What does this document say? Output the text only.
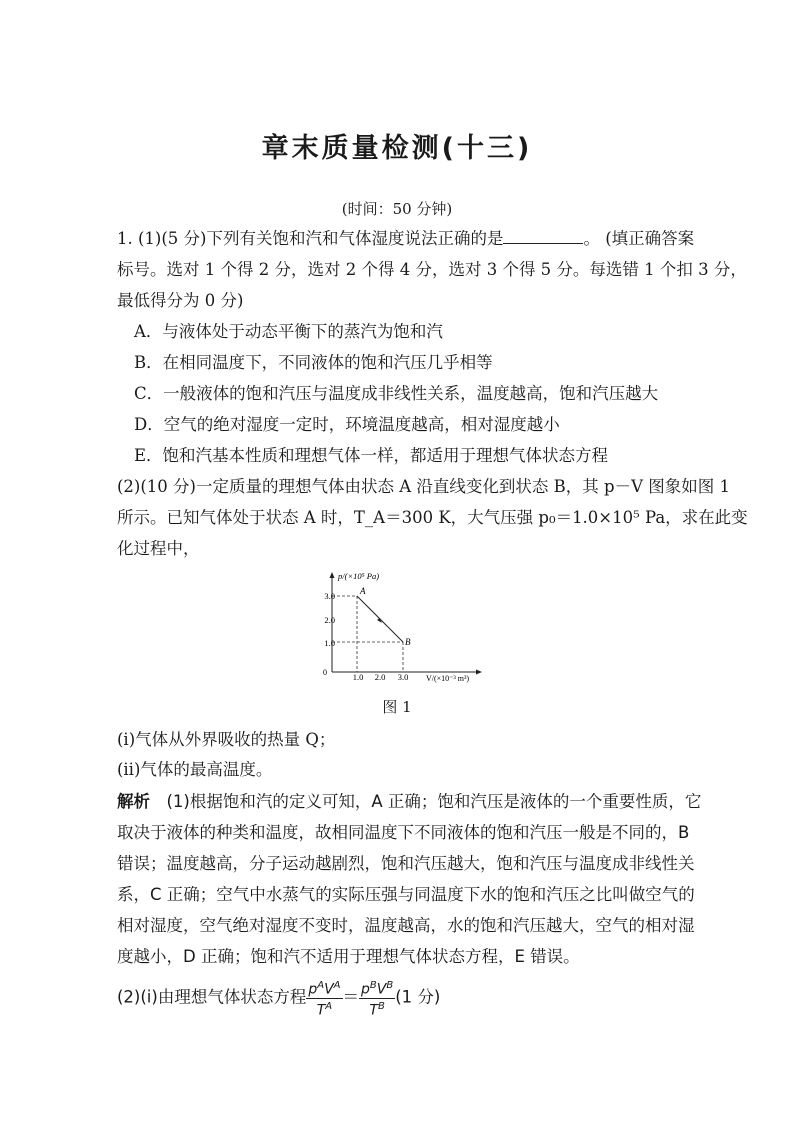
章末质量检测(十三)
(时间：50 分钟)
1. (1)(5 分)下列有关饱和汽和气体湿度说法正确的是	。 (填正确答案
标号。选对 1 个得 2 分，选对 2 个得 4 分，选对 3 个得 5 分。每选错 1 个扣 3 分，
最低得分为 0 分)
A．与液体处于动态平衡下的蒸汽为饱和汽
B．在相同温度下，不同液体的饱和汽压几乎相等
C．一般液体的饱和汽压与温度成非线性关系，温度越高，饱和汽压越大
D．空气的绝对湿度一定时，环境温度越高，相对湿度越小
E．饱和汽基本性质和理想气体一样，都适用于理想气体状态方程
(2)(10 分)一定质量的理想气体由状态 A 沿直线变化到状态 B，其 p－V 图象如图 1
所示。已知气体处于状态 A 时，T_A＝300 K，大气压强 p₀＝1.0×10⁵ Pa，求在此变
化过程中，
p/(×10⁵ Pa)
V/(×10⁻³ m³)
0
3.0
2.0
1.0
1.0 2.0 3.0
A
B
图 1
(ⅰ)气体从外界吸收的热量 Q；
(ⅱ)气体的最高温度。
解析  (1)根据饱和汽的定义可知，A 正确；饱和汽压是液体的一个重要性质，它
取决于液体的种类和温度，故相同温度下不同液体的饱和汽压一般是不同的，B
错误；温度越高，分子运动越剧烈，饱和汽压越大，饱和汽压与温度成非线性关
系，C 正确；空气中水蒸气的实际压强与同温度下水的饱和汽压之比叫做空气的
相对湿度，空气绝对湿度不变时，温度越高，水的饱和汽压越大，空气的相对湿
度越小，D 正确；饱和汽不适用于理想气体状态方程，E 错误。
(2)(ⅰ)由理想气体状态方程 $\frac{p^AV^A}{T^A} = \frac{p^BV^B}{T^B} (1$ 分)
